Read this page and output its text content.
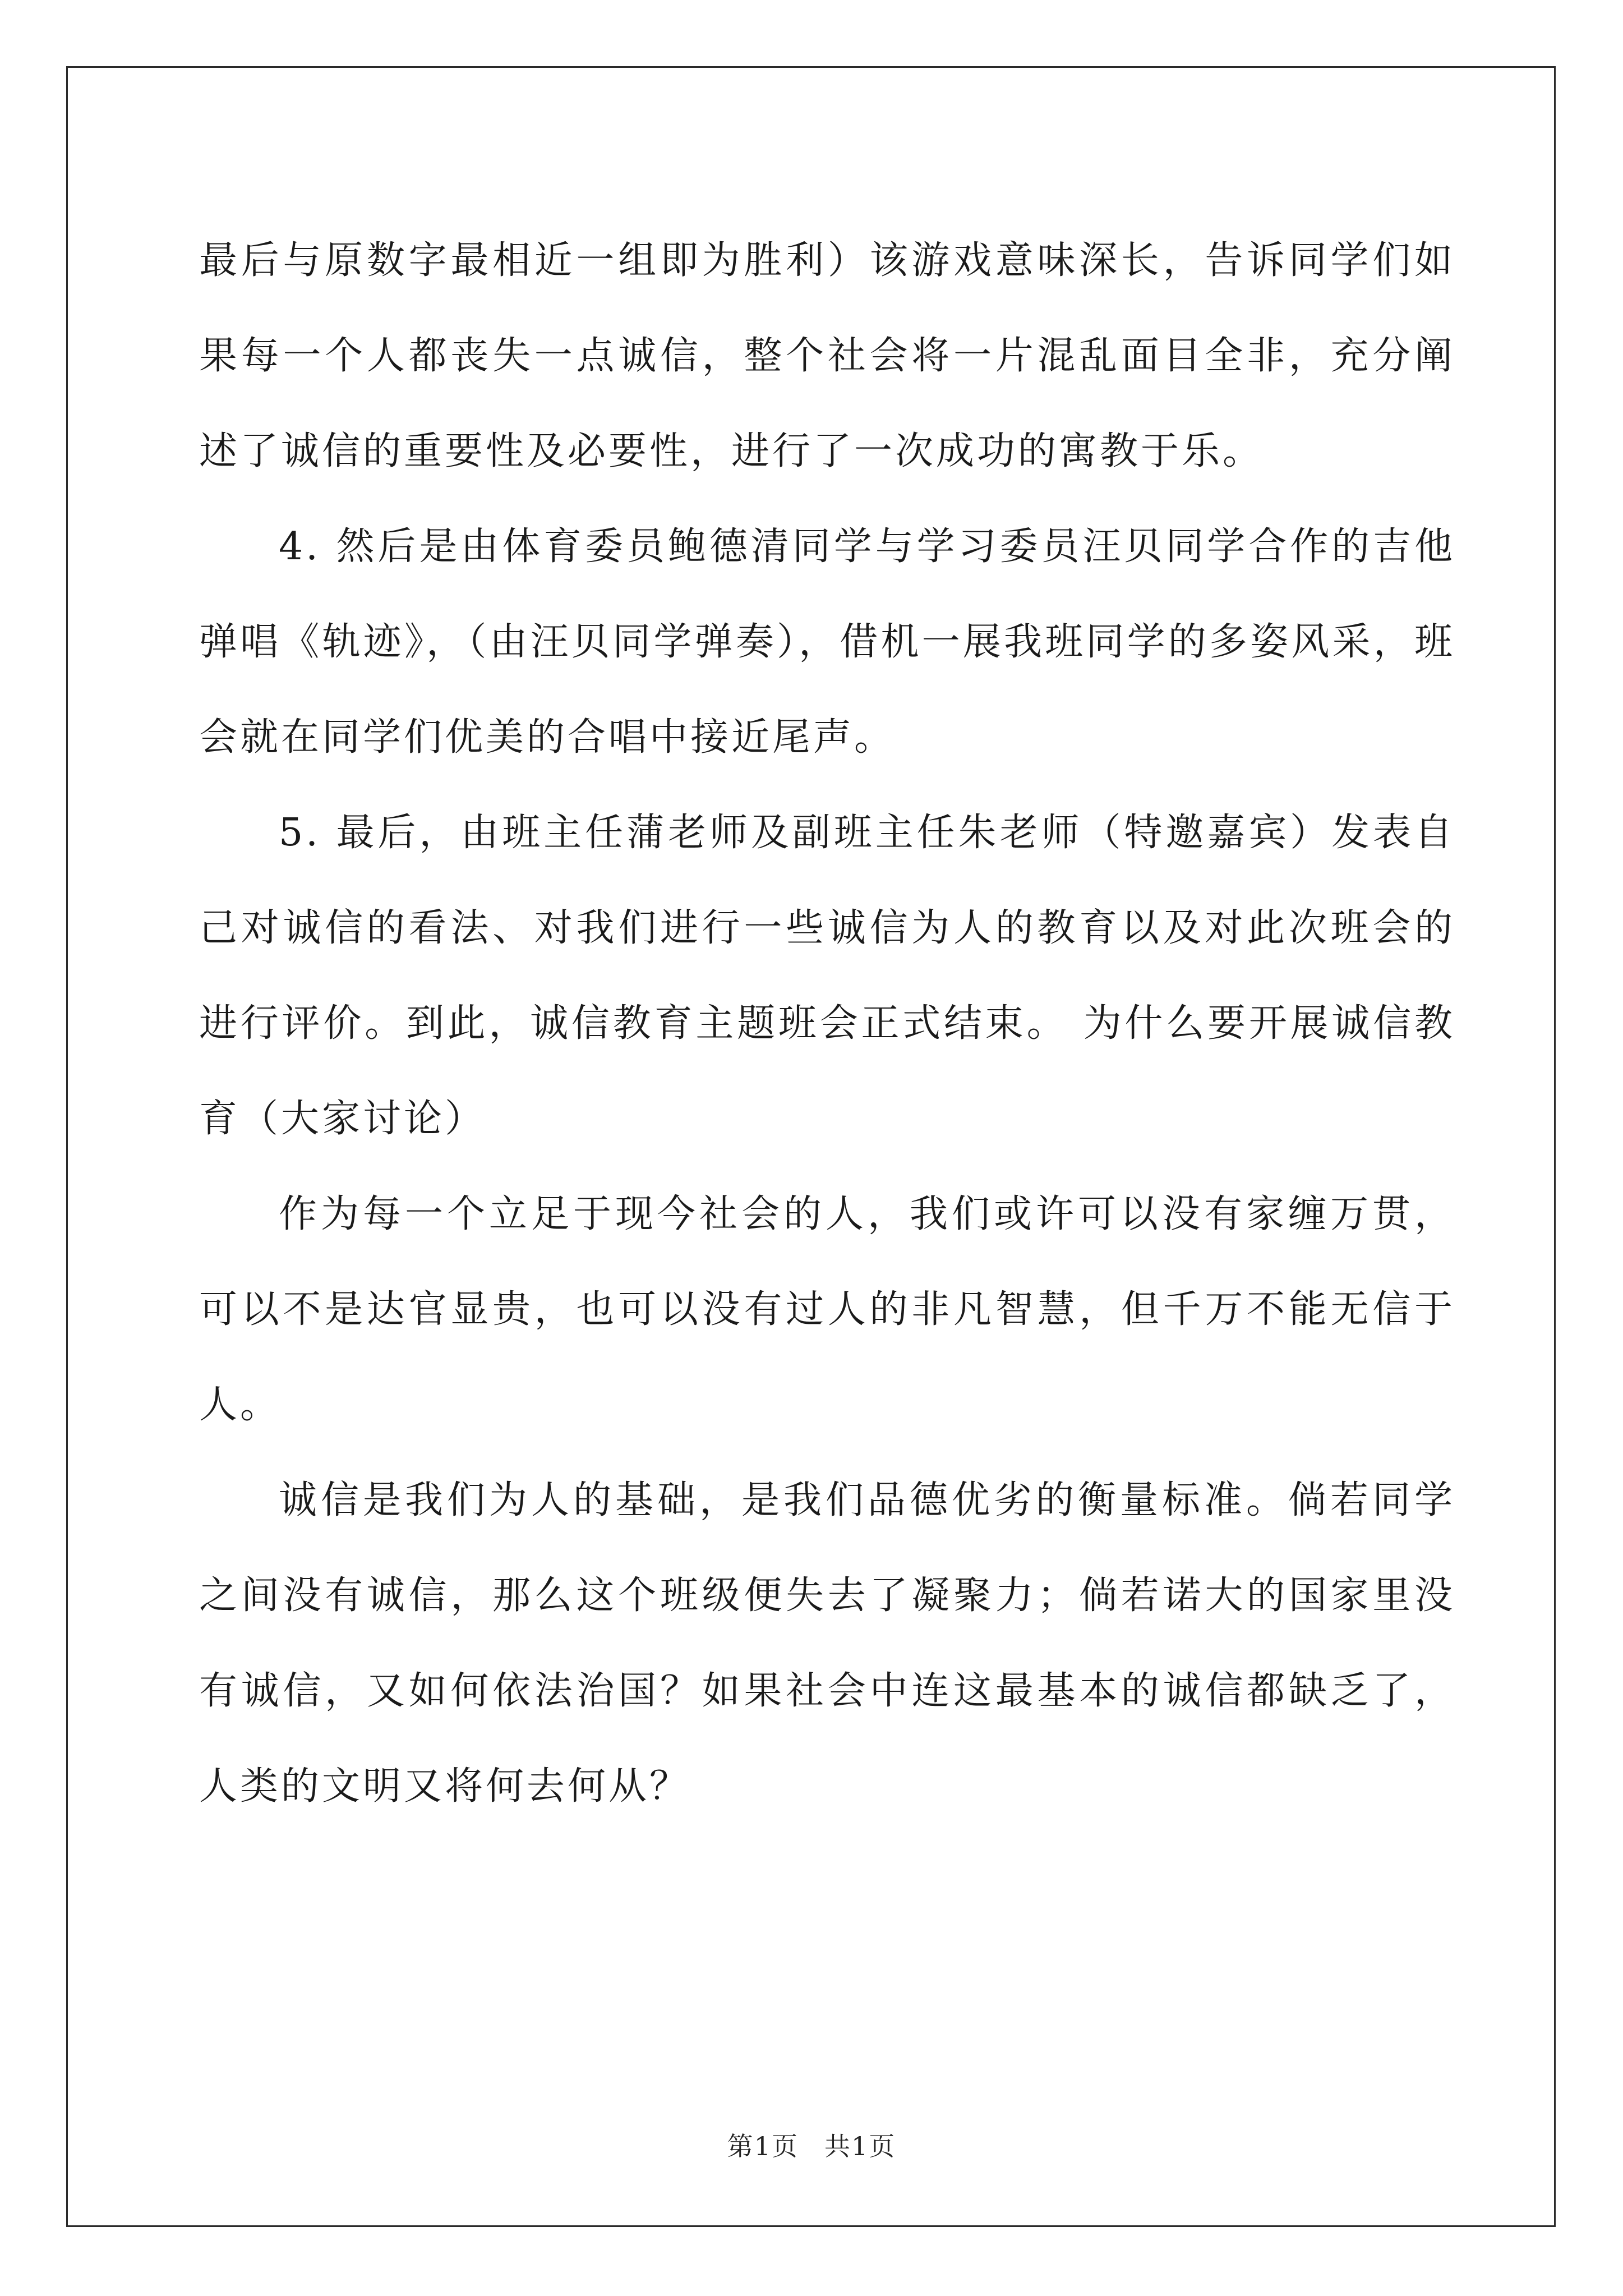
最后与原数字最相近一组即为胜利）该游戏意味深长，告诉同学们如果每一个人都丧失一点诚信，整个社会将一片混乱面目全非，充分阐述了诚信的重要性及必要性，进行了一次成功的寓教于乐。

4. 然后是由体育委员鲍德清同学与学习委员汪贝同学合作的吉他弹唱《轨迹》，（由汪贝同学弹奏），借机一展我班同学的多姿风采，班会就在同学们优美的合唱中接近尾声。

5. 最后，由班主任蒲老师及副班主任朱老师（特邀嘉宾）发表自己对诚信的看法、对我们进行一些诚信为人的教育以及对此次班会的进行评价。到此，诚信教育主题班会正式结束。 为什么要开展诚信教育（大家讨论）

作为每一个立足于现今社会的人，我们或许可以没有家缠万贯，可以不是达官显贵，也可以没有过人的非凡智慧，但千万不能无信于人。

诚信是我们为人的基础，是我们品德优劣的衡量标准。倘若同学之间没有诚信，那么这个班级便失去了凝聚力；倘若诺大的国家里没有诚信，又如何依法治国？如果社会中连这最基本的诚信都缺乏了，人类的文明又将何去何从？

第1页 共1页
